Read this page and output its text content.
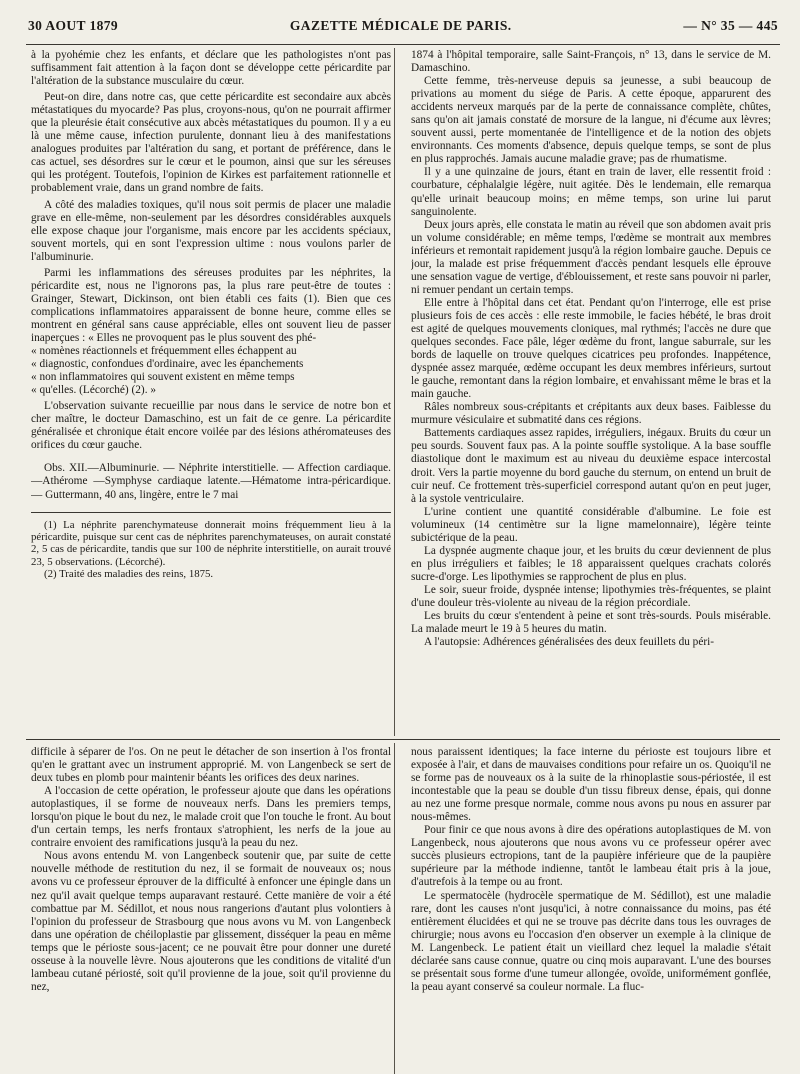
30 AOUT 1879	GAZETTE MÉDICALE DE PARIS.	— N° 35 — 445

à la pyohémie chez les enfants, et déclare que les pathologistes n'ont pas suffisamment fait attention à la façon dont se développe cette péricardite par l'altération de la substance musculaire du cœur.

Peut-on dire, dans notre cas, que cette péricardite est secondaire aux abcès métastatiques du myocarde? Pas plus, croyons-nous, qu'on ne pourrait affirmer que la pleurésie était consécutive aux abcès métastatiques du poumon. Il y a eu là une même cause, infection purulente, donnant lieu à des manifestations analogues produites par l'altération du sang, et portant de préférence, dans le cas actuel, ses désordres sur le cœur et le poumon, ainsi que sur les séreuses qui les protégent. Toutefois, l'opinion de Kirkes est parfaitement rationnelle et probablement vraie, dans un grand nombre de faits.

A côté des maladies toxiques, qu'il nous soit permis de placer une maladie grave en elle-même, non-seulement par les désordres considérables auxquels elle expose chaque jour l'organisme, mais encore par les accidents spéciaux, souvent mortels, qui en sont l'expression ultime : nous voulons parler de l'albuminurie.

Parmi les inflammations des séreuses produites par les néphrites, la péricardite est, nous ne l'ignorons pas, la plus rare peut-être de toutes : Grainger, Stewart, Dickinson, ont bien établi ces faits (1). Bien que ces complications inflammatoires apparaissent de bonne heure, comme elles se montrent en général sans cause appréciable, elles ont souvent lieu de passer inaperçues : « Elles ne provoquent pas le plus souvent des phé-

« nomènes réactionnels et fréquemment elles échappent au

« diagnostic, confondues d'ordinaire, avec les épanchements

« non inflammatoires qui souvent existent en même temps

« qu'elles. (Lécorché) (2). »

L'observation suivante recueillie par nous dans le service de notre bon et cher maître, le docteur Damaschino, est un fait de ce genre. La péricardite généralisée et chronique était encore voilée par des lésions athéromateuses des orifices du cœur gauche.

Obs. XII.—Albuminurie. — Néphrite interstitielle. — Affection cardiaque.—Athérome —Symphyse cardiaque latente.—Hématome intra-péricardique. — Guttermann, 40 ans, lingère, entre le 7 mai

(1) La néphrite parenchymateuse donnerait moins fréquemment lieu à la péricardite, puisque sur cent cas de néphrites parenchymateuses, on aurait constaté 2, 5 cas de péricardite, tandis que sur 100 de néphrite interstitielle, on aurait trouvé 23, 5 observations. (Lécorché).

(2) Traité des maladies des reins, 1875.

1874 à l'hôpital temporaire, salle Saint-François, n° 13, dans le service de M. Damaschino.

Cette femme, très-nerveuse depuis sa jeunesse, a subi beaucoup de privations au moment du siége de Paris. A cette époque, apparurent des accidents nerveux marqués par de la perte de connaissance complète, chûtes, sans qu'on ait jamais constaté de morsure de la langue, ni d'écume aux lèvres; souvent aussi, perte momentanée de l'intelligence et de la notion des objets environnants. Ces moments d'absence, depuis quelque temps, se sont de plus en plus rapprochés. Jamais aucune maladie grave; pas de rhumatisme.

Il y a une quinzaine de jours, étant en train de laver, elle ressentit froid : courbature, céphalalgie légère, nuit agitée. Dès le lendemain, elle remarqua qu'elle urinait beaucoup moins; en même temps, son urine lui parut sanguinolente.

Deux jours après, elle constata le matin au réveil que son abdomen avait pris un volume considérable; en même temps, l'œdème se montrait aux membres inférieurs et remontait rapidement jusqu'à la région lombaire gauche. Depuis ce jour, la malade est prise fréquemment d'accès pendant lesquels elle éprouve une sensation vague de vertige, d'éblouissement, et reste sans pouvoir ni parler, ni remuer pendant un certain temps.

Elle entre à l'hôpital dans cet état. Pendant qu'on l'interroge, elle est prise plusieurs fois de ces accès : elle reste immobile, le facies hébété, le bras droit est agité de quelques mouvements cloniques, mal rythmés; l'accès ne dure que quelques secondes. Face pâle, léger œdème du front, langue saburrale, sur les bords de laquelle on trouve quelques cicatrices peu profondes. Inappétence, dyspnée assez marquée, œdème occupant les deux membres inférieurs, surtout le gauche, remontant dans la région lombaire, et envahissant même le bras et la main gauche.

Râles nombreux sous-crépitants et crépitants aux deux bases. Faiblesse du murmure vésiculaire et submatité dans ces régions.

Battements cardiaques assez rapides, irréguliers, inégaux. Bruits du cœur un peu sourds. Souvent faux pas. A la pointe souffle systolique. A la base souffle diastolique dont le maximum est au niveau du deuxième espace intercostal droit. Vers la partie moyenne du bord gauche du sternum, on entend un bruit de cuir neuf. Ce frottement très-superficiel correspond autant qu'on en peut juger, à la systole ventriculaire.

L'urine contient une quantité considérable d'albumine. Le foie est volumineux (14 centimètre sur la ligne mamelonnaire), légère teinte subictérique de la peau.

La dyspnée augmente chaque jour, et les bruits du cœur deviennent de plus en plus irréguliers et faibles; le 18 apparaissent quelques crachats colorés sucre-d'orge. Les lipothymies se rapprochent de plus en plus.

Le soir, sueur froide, dyspnée intense; lipothymies très-fréquentes, se plaint d'une douleur très-violente au niveau de la région précordiale.

Les bruits du cœur s'entendent à peine et sont très-sourds. Pouls misérable. La malade meurt le 19 à 5 heures du matin.

A l'autopsie: Adhérences généralisées des deux feuillets du péri-

difficile à séparer de l'os. On ne peut le détacher de son insertion à l'os frontal qu'en le grattant avec un instrument approprié. M. von Langenbeck se sert de deux tubes en plomb pour maintenir béants les orifices des deux narines.

A l'occasion de cette opération, le professeur ajoute que dans les opérations autoplastiques, il se forme de nouveaux nerfs. Dans les premiers temps, lorsqu'on pique le bout du nez, le malade croit que l'on touche le front. Au bout d'un certain temps, les nerfs frontaux s'atrophient, les nerfs de la joue au contraire envoient des ramifications jusqu'à la peau du nez.

Nous avons entendu M. von Langenbeck soutenir que, par suite de cette nouvelle méthode de restitution du nez, il se formait de nouveaux os; nous avons vu ce professeur éprouver de la difficulté à enfoncer une épingle dans un nez qu'il avait quelque temps auparavant restauré. Cette manière de voir a été combattue par M. Sédillot, et nous nous rangerions d'autant plus volontiers à l'opinion du professeur de Strasbourg que nous avons vu M. von Langenbeck dans une opération de chéiloplastie par glissement, disséquer la peau en même temps que le périoste sous-jacent; ce ne pouvait être pour donner une dureté osseuse à la nouvelle lèvre. Nous ajouterons que les conditions de vitalité d'un lambeau cutané périosté, soit qu'il provienne de la joue, soit qu'il provienne du nez,

nous paraissent identiques; la face interne du périoste est toujours libre et exposée à l'air, et dans de mauvaises conditions pour refaire un os. Quoiqu'il ne se forme pas de nouveaux os à la suite de la rhinoplastie sous-périostée, il est incontestable que la peau se double d'un tissu fibreux dense, épais, qui donne au nez une forme presque normale, comme nous avons pu nous en assurer par nous-mêmes.

Pour finir ce que nous avons à dire des opérations autoplastiques de M. von Langenbeck, nous ajouterons que nous avons vu ce professeur opérer avec succès plusieurs ectropions, tant de la paupière inférieure que de la paupière supérieure par la méthode indienne, tantôt le lambeau était pris à la joue, d'autrefois à la tempe ou au front.

Le spermatocèle (hydrocèle spermatique de M. Sédillot), est une maladie rare, dont les causes n'ont jusqu'ici, à notre connaissance du moins, pas été entièrement élucidées et qui ne se trouve pas décrite dans tous les ouvrages de chirurgie; nous avons eu l'occasion d'en observer un exemple à la clinique de M. Langenbeck. Le patient était un vieillard chez lequel la maladie s'était déclarée sans cause connue, quatre ou cinq mois auparavant. L'une des bourses se présentait sous forme d'une tumeur allongée, ovoïde, uniformément gonflée, la peau ayant conservé sa couleur normale. La fluc-
